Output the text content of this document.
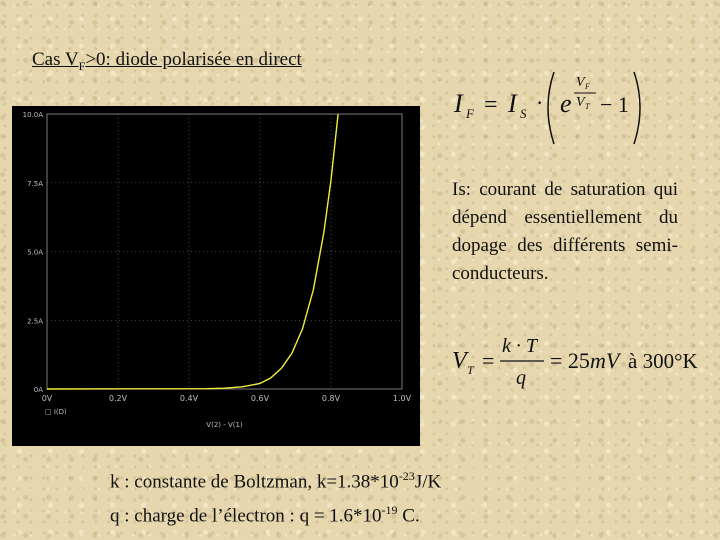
Cas $V_F>0$: diode polarisée en direct
0V	0.2V	0.4V	0.6V	0.8V	1.0V
0A
2.5A
5.0A
7.5A
10.0A
□ I(D)
V(2) - V(1)
I F = I S · e
V F
V T − 1
Is: courant de saturation qui dépend essentiellement du dopage des différents semi-conducteurs.
V T =
k · T
q
= 25 mV à 300°K
k : constante de Boltzman, $k=1.38*10^{-23}J/K$
q : charge de l’électron : $q = 1.6*10^{-19}$ C.
